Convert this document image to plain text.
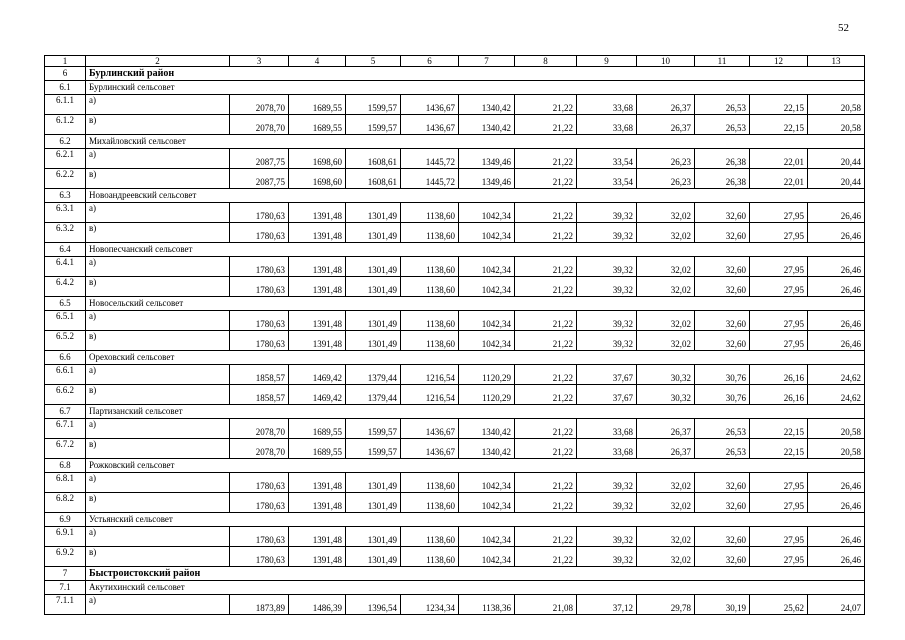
52
1	2	3	4	5	6	7	8	9	10	11	12	13
6	Бурлинский район											
6.1	Бурлинский сельсовет											
6.1.1	а)	2078,70	1689,55	1599,57	1436,67	1340,42	21,22	33,68	26,37	26,53	22,15	20,58
6.1.2	в)	2078,70	1689,55	1599,57	1436,67	1340,42	21,22	33,68	26,37	26,53	22,15	20,58
6.2	Михайловский сельсовет											
6.2.1	а)	2087,75	1698,60	1608,61	1445,72	1349,46	21,22	33,54	26,23	26,38	22,01	20,44
6.2.2	в)	2087,75	1698,60	1608,61	1445,72	1349,46	21,22	33,54	26,23	26,38	22,01	20,44
6.3	Новоандреевский сельсовет											
6.3.1	а)	1780,63	1391,48	1301,49	1138,60	1042,34	21,22	39,32	32,02	32,60	27,95	26,46
6.3.2	в)	1780,63	1391,48	1301,49	1138,60	1042,34	21,22	39,32	32,02	32,60	27,95	26,46
6.4	Новопесчанский сельсовет											
6.4.1	а)	1780,63	1391,48	1301,49	1138,60	1042,34	21,22	39,32	32,02	32,60	27,95	26,46
6.4.2	в)	1780,63	1391,48	1301,49	1138,60	1042,34	21,22	39,32	32,02	32,60	27,95	26,46
6.5	Новосельский сельсовет											
6.5.1	а)	1780,63	1391,48	1301,49	1138,60	1042,34	21,22	39,32	32,02	32,60	27,95	26,46
6.5.2	в)	1780,63	1391,48	1301,49	1138,60	1042,34	21,22	39,32	32,02	32,60	27,95	26,46
6.6	Ореховский сельсовет											
6.6.1	а)	1858,57	1469,42	1379,44	1216,54	1120,29	21,22	37,67	30,32	30,76	26,16	24,62
6.6.2	в)	1858,57	1469,42	1379,44	1216,54	1120,29	21,22	37,67	30,32	30,76	26,16	24,62
6.7	Партизанский сельсовет											
6.7.1	а)	2078,70	1689,55	1599,57	1436,67	1340,42	21,22	33,68	26,37	26,53	22,15	20,58
6.7.2	в)	2078,70	1689,55	1599,57	1436,67	1340,42	21,22	33,68	26,37	26,53	22,15	20,58
6.8	Рожковский сельсовет											
6.8.1	а)	1780,63	1391,48	1301,49	1138,60	1042,34	21,22	39,32	32,02	32,60	27,95	26,46
6.8.2	в)	1780,63	1391,48	1301,49	1138,60	1042,34	21,22	39,32	32,02	32,60	27,95	26,46
6.9	Устьянский сельсовет											
6.9.1	а)	1780,63	1391,48	1301,49	1138,60	1042,34	21,22	39,32	32,02	32,60	27,95	26,46
6.9.2	в)	1780,63	1391,48	1301,49	1138,60	1042,34	21,22	39,32	32,02	32,60	27,95	26,46
7	Быстроистокский район											
7.1	Акутихинский сельсовет											
7.1.1	а)	1873,89	1486,39	1396,54	1234,34	1138,36	21,08	37,12	29,78	30,19	25,62	24,07
